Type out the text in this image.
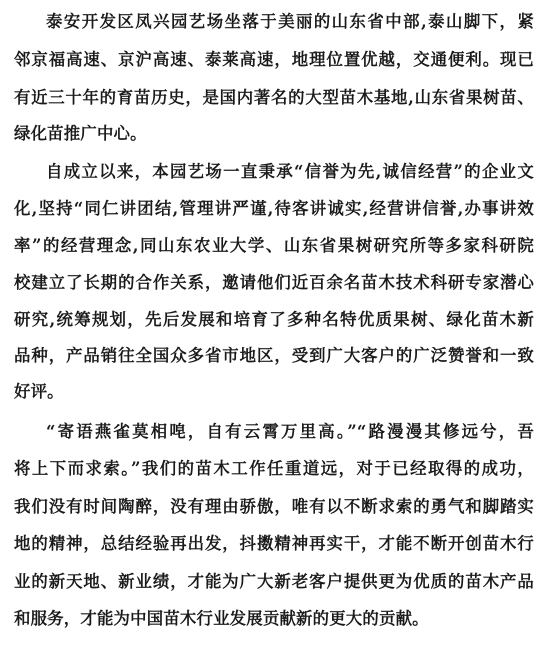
泰安开发区凤兴园艺场坐落于美丽的山东省中部,泰山脚下，紧
邻京福高速、京沪高速、泰莱高速，地理位置优越，交通便利。现已
有近三十年的育苗历史，是国内著名的大型苗木基地,山东省果树苗、
绿化苗推广中心。
自成立以来，本园艺场一直秉承“信誉为先,诚信经营”的企业文
化,坚持“同仁讲团结,管理讲严谨,待客讲诚实,经营讲信誉,办事讲效
率”的经营理念,同山东农业大学、山东省果树研究所等多家科研院
校建立了长期的合作关系，邀请他们近百余名苗木技术科研专家潜心
研究,统筹规划，先后发展和培育了多种名特优质果树、绿化苗木新
品种，产品销往全国众多省市地区，受到广大客户的广泛赞誉和一致
好评。
“寄语燕雀莫相唣，自有云霄万里高。”“路漫漫其修远兮，吾
将上下而求索。”我们的苗木工作任重道远，对于已经取得的成功，
我们没有时间陶醉，没有理由骄傲，唯有以不断求索的勇气和脚踏实
地的精神，总结经验再出发，抖擞精神再实干，才能不断开创苗木行
业的新天地、新业绩，才能为广大新老客户提供更为优质的苗木产品
和服务，才能为中国苗木行业发展贡献新的更大的贡献。
